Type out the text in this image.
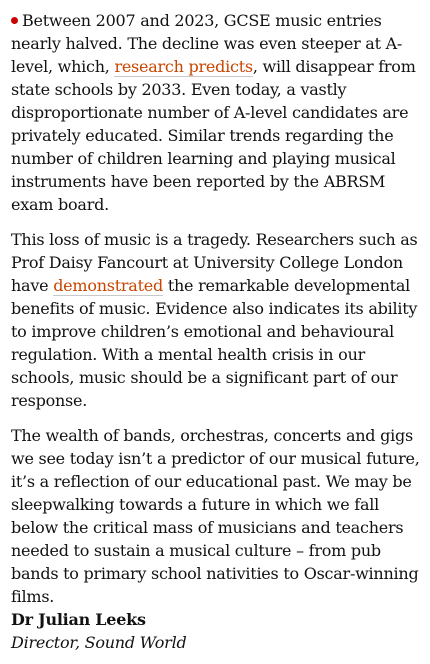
Between 2007 and 2023, GCSE music entries nearly halved. The decline was even steeper at A-level, which, research predicts, will disappear from state schools by 2033. Even today, a vastly disproportionate number of A-level candidates are privately educated. Similar trends regarding the number of children learning and playing musical instruments have been reported by the ABRSM exam board.

This loss of music is a tragedy. Researchers such as Prof Daisy Fancourt at University College London have demonstrated the remarkable developmental benefits of music. Evidence also indicates its ability to improve children’s emotional and behavioural regulation. With a mental health crisis in our schools, music should be a significant part of our response.

The wealth of bands, orchestras, concerts and gigs we see today isn’t a predictor of our musical future, it’s a reflection of our educational past. We may be sleepwalking towards a future in which we fall below the critical mass of musicians and teachers needed to sustain a musical culture – from pub bands to primary school nativities to Oscar-winning films.

Dr Julian Leeks

Director, Sound World
